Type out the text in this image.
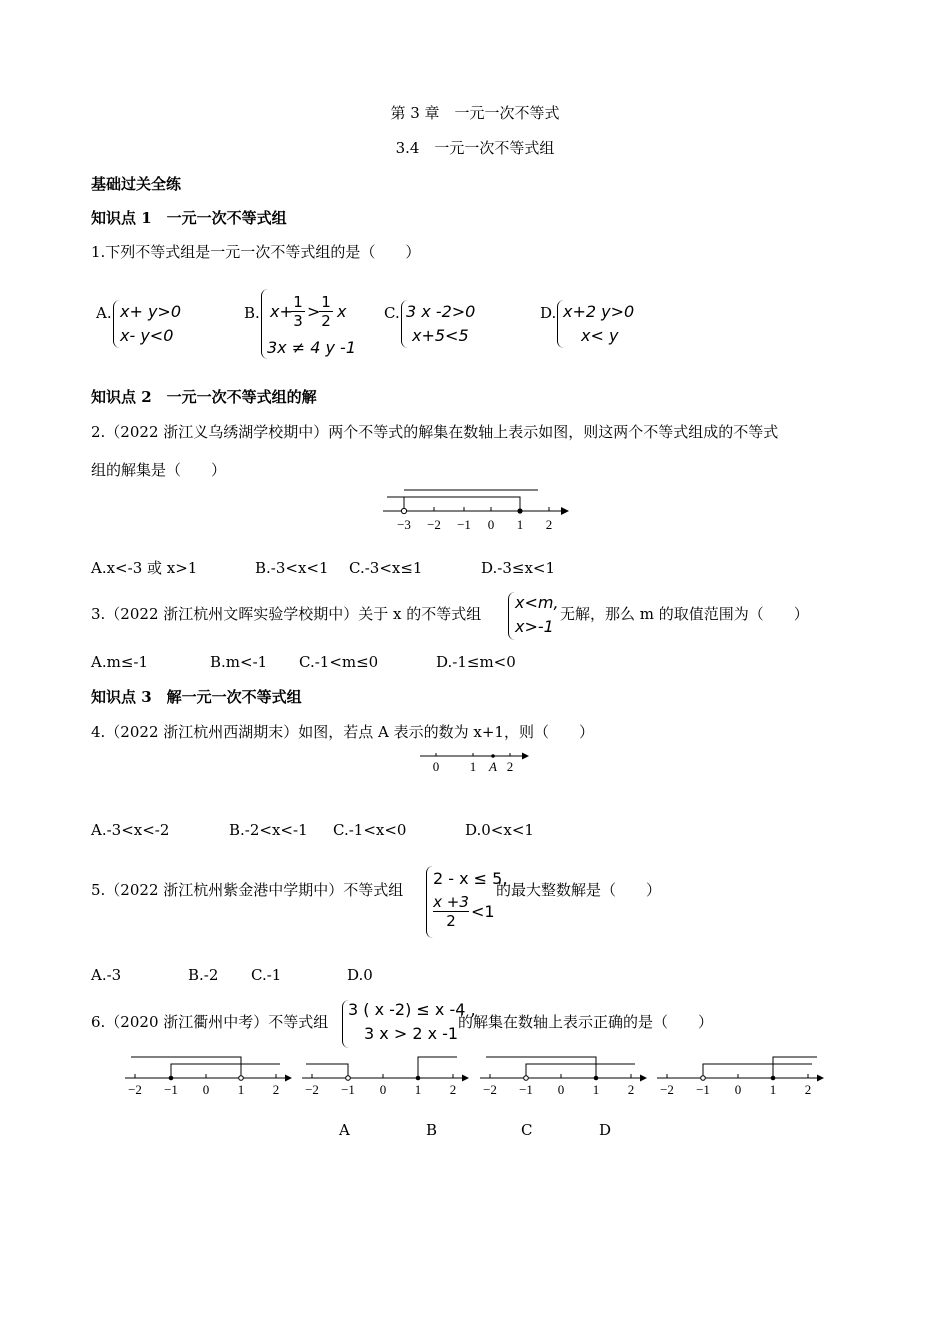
第 3 章　一元一次不等式
3.4　一元一次不等式组
基础过关全练
知识点 1　一元一次不等式组
1.下列不等式组是一元一次不等式组的是（　　）
A. x+ y>0
x- y<0
B. x+
$\frac{1}{3}$ >
$\frac{1}{2}$ x
3x ≠ 4 y -1
C. 3 x -2>0
x+5<5
D. x+2 y>0
x< y
知识点 2　一元一次不等式组的解
2.（2022 浙江义乌绣湖学校期中）两个不等式的解集在数轴上表示如图，则这两个不等式组成的不等式
组的解集是（　　）
−3 −2 −1 0 1 2
A.x<-3 或 x>1	B.-3<x<1 C.-3<x≤1	D.-3≤x<1
3.（2022 浙江杭州文晖实验学校期中）关于 x 的不等式组
x<m,
x>-1
无解，那么 m 的取值范围为（　　）
A.m≤-1	B.m<-1 C.-1<m≤0	D.-1≤m<0
知识点 3　解一元一次不等式组
4.（2022 浙江杭州西湖期末）如图，若点 A 表示的数为 x+1，则（　　）
0 1 A 2
A.-3<x<-2	B.-2<x<-1 C.-1<x<0	D.0<x<1
5.（2022 浙江杭州紫金港中学期中）不等式组
2 - x ≤ 5,
$\frac{x +3}{2} <1$
的最大整数解是（　　）
A.-3	B.-2 C.-1	D.0
6.（2020 浙江衢州中考）不等式组
3 ( x -2) ≤ x -4 ,
3 x > 2 x -1
的解集在数轴上表示正确的是（　　）
−2 −1 0 1 2 −2 −1 0 1 2 −2 −1 0 1 2 −2 −1 0 1 2
A	B	C	D
